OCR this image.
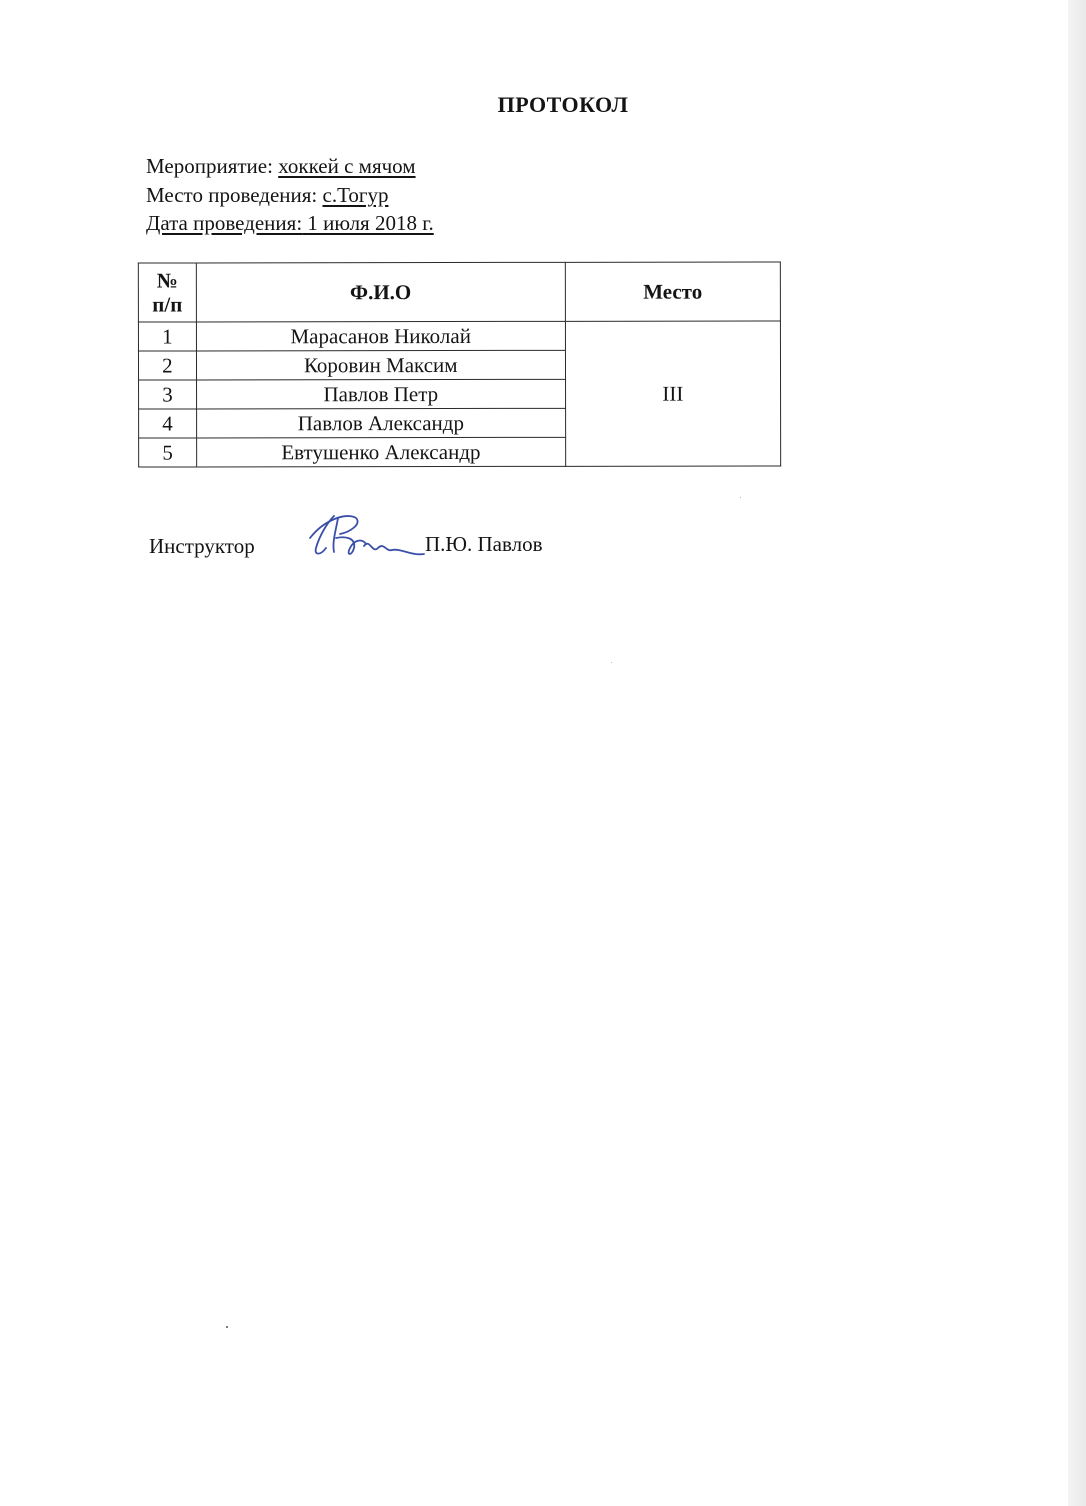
ПРОТОКОЛ
Мероприятие: хоккей с мячом
Место проведения: с.Тогур
Дата проведения: 1 июля 2018 г.
№
п/п	Ф.И.О	Место
1	Марасанов Николай	III
2	Коровин Максим	
3	Павлов Петр	
4	Павлов Александр	
5	Евтушенко Александр	
Инструктор	П.Ю. Павлов
